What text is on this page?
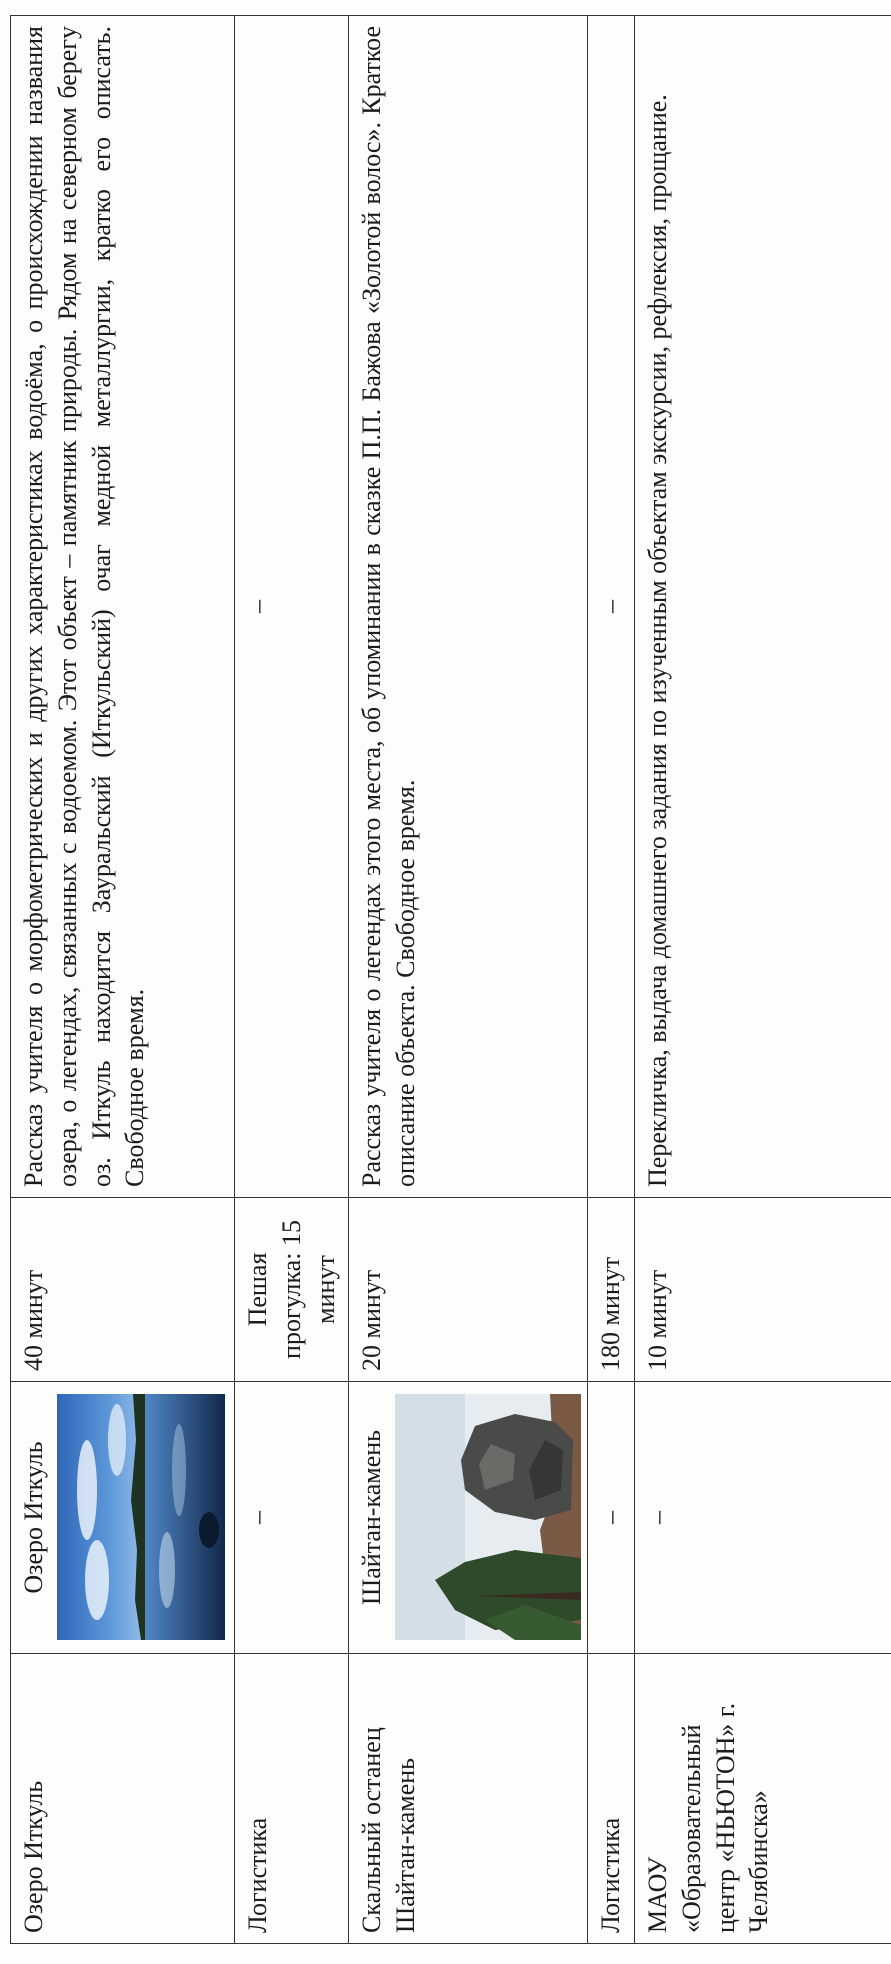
Озеро Иткуль	Озеро Иткуль	40 минут	Рассказ учителя о морфометрических и других характеристиках водоёма, о происхождении названия озера, о легендах, связанных с водоемом. Этот объект – памятник природы. Рядом на северном берегу оз. Иткуль находится Зауральский (Иткульский) очаг медной металлургии, кратко его описать. Свободное время.
Логистика	–	Пешая прогулка: 15 минут	–
Скальный останец Шайтан-камень	Шайтан-камень	20 минут	Рассказ учителя о легендах этого места, об упоминании в сказке П.П. Бажова «Золотой волос». Краткое описание объекта. Свободное время.
Логистика	–	180 минут	–
МАОУ «Образовательный центр «НЬЮТОН» г. Челябинска»	–	10 минут	Перекличка, выдача домашнего задания по изученным объектам экскурсии, рефлексия, прощание.
